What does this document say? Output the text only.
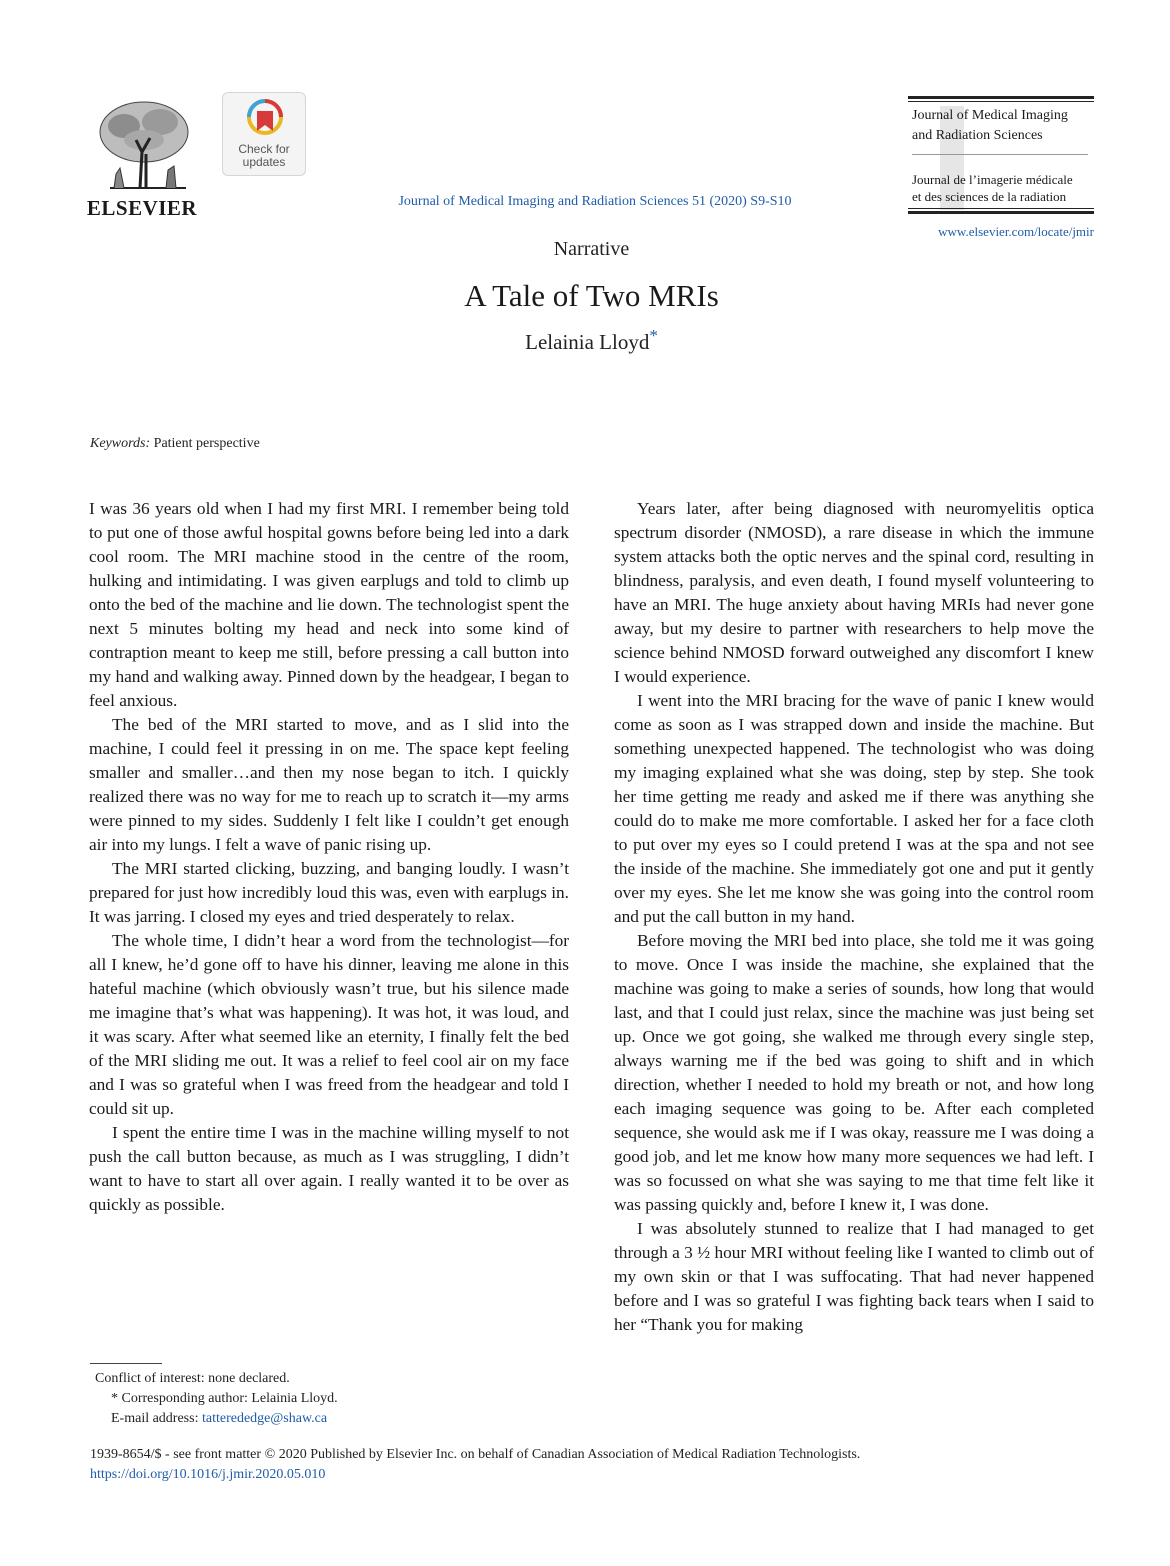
ELSEVIER
Check for updates
Journal of Medical Imaging and Radiation Sciences 51 (2020) S9-S10
Journal of Medical Imaging
and Radiation Sciences
Journal de l’imagerie médicale
et des sciences de la radiation
www.elsevier.com/locate/jmir
Narrative
A Tale of Two MRIs
Lelainia Lloyd*
Keywords: Patient perspective

I was 36 years old when I had my first MRI. I remember being told to put one of those awful hospital gowns before being led into a dark cool room. The MRI machine stood in the centre of the room, hulking and intimidating. I was given earplugs and told to climb up onto the bed of the machine and lie down. The technologist spent the next 5 minutes bolting my head and neck into some kind of contraption meant to keep me still, before pressing a call button into my hand and walking away. Pinned down by the headgear, I began to feel anxious.

The bed of the MRI started to move, and as I slid into the machine, I could feel it pressing in on me. The space kept feeling smaller and smaller…and then my nose began to itch. I quickly realized there was no way for me to reach up to scratch it—my arms were pinned to my sides. Suddenly I felt like I couldn’t get enough air into my lungs. I felt a wave of panic rising up.

The MRI started clicking, buzzing, and banging loudly. I wasn’t prepared for just how incredibly loud this was, even with earplugs in. It was jarring. I closed my eyes and tried desperately to relax.

The whole time, I didn’t hear a word from the technologist—for all I knew, he’d gone off to have his dinner, leaving me alone in this hateful machine (which obviously wasn’t true, but his silence made me imagine that’s what was happening). It was hot, it was loud, and it was scary. After what seemed like an eternity, I finally felt the bed of the MRI sliding me out. It was a relief to feel cool air on my face and I was so grateful when I was freed from the headgear and told I could sit up.

I spent the entire time I was in the machine willing myself to not push the call button because, as much as I was struggling, I didn’t want to have to start all over again. I really wanted it to be over as quickly as possible.

Years later, after being diagnosed with neuromyelitis optica spectrum disorder (NMOSD), a rare disease in which the immune system attacks both the optic nerves and the spinal cord, resulting in blindness, paralysis, and even death, I found myself volunteering to have an MRI. The huge anxiety about having MRIs had never gone away, but my desire to partner with researchers to help move the science behind NMOSD forward outweighed any discomfort I knew I would experience.

I went into the MRI bracing for the wave of panic I knew would come as soon as I was strapped down and inside the machine. But something unexpected happened. The technologist who was doing my imaging explained what she was doing, step by step. She took her time getting me ready and asked me if there was anything she could do to make me more comfortable. I asked her for a face cloth to put over my eyes so I could pretend I was at the spa and not see the inside of the machine. She immediately got one and put it gently over my eyes. She let me know she was going into the control room and put the call button in my hand.

Before moving the MRI bed into place, she told me it was going to move. Once I was inside the machine, she explained that the machine was going to make a series of sounds, how long that would last, and that I could just relax, since the machine was just being set up. Once we got going, she walked me through every single step, always warning me if the bed was going to shift and in which direction, whether I needed to hold my breath or not, and how long each imaging sequence was going to be. After each completed sequence, she would ask me if I was okay, reassure me I was doing a good job, and let me know how many more sequences we had left. I was so focussed on what she was saying to me that time felt like it was passing quickly and, before I knew it, I was done.

I was absolutely stunned to realize that I had managed to get through a 3 ½ hour MRI without feeling like I wanted to climb out of my own skin or that I was suffocating. That had never happened before and I was so grateful I was fighting back tears when I said to her “Thank you for making

Conflict of interest: none declared.
* Corresponding author: Lelainia Lloyd.
E-mail address: tatterededge@shaw.ca
1939-8654/$ - see front matter © 2020 Published by Elsevier Inc. on behalf of Canadian Association of Medical Radiation Technologists.
https://doi.org/10.1016/j.jmir.2020.05.010
